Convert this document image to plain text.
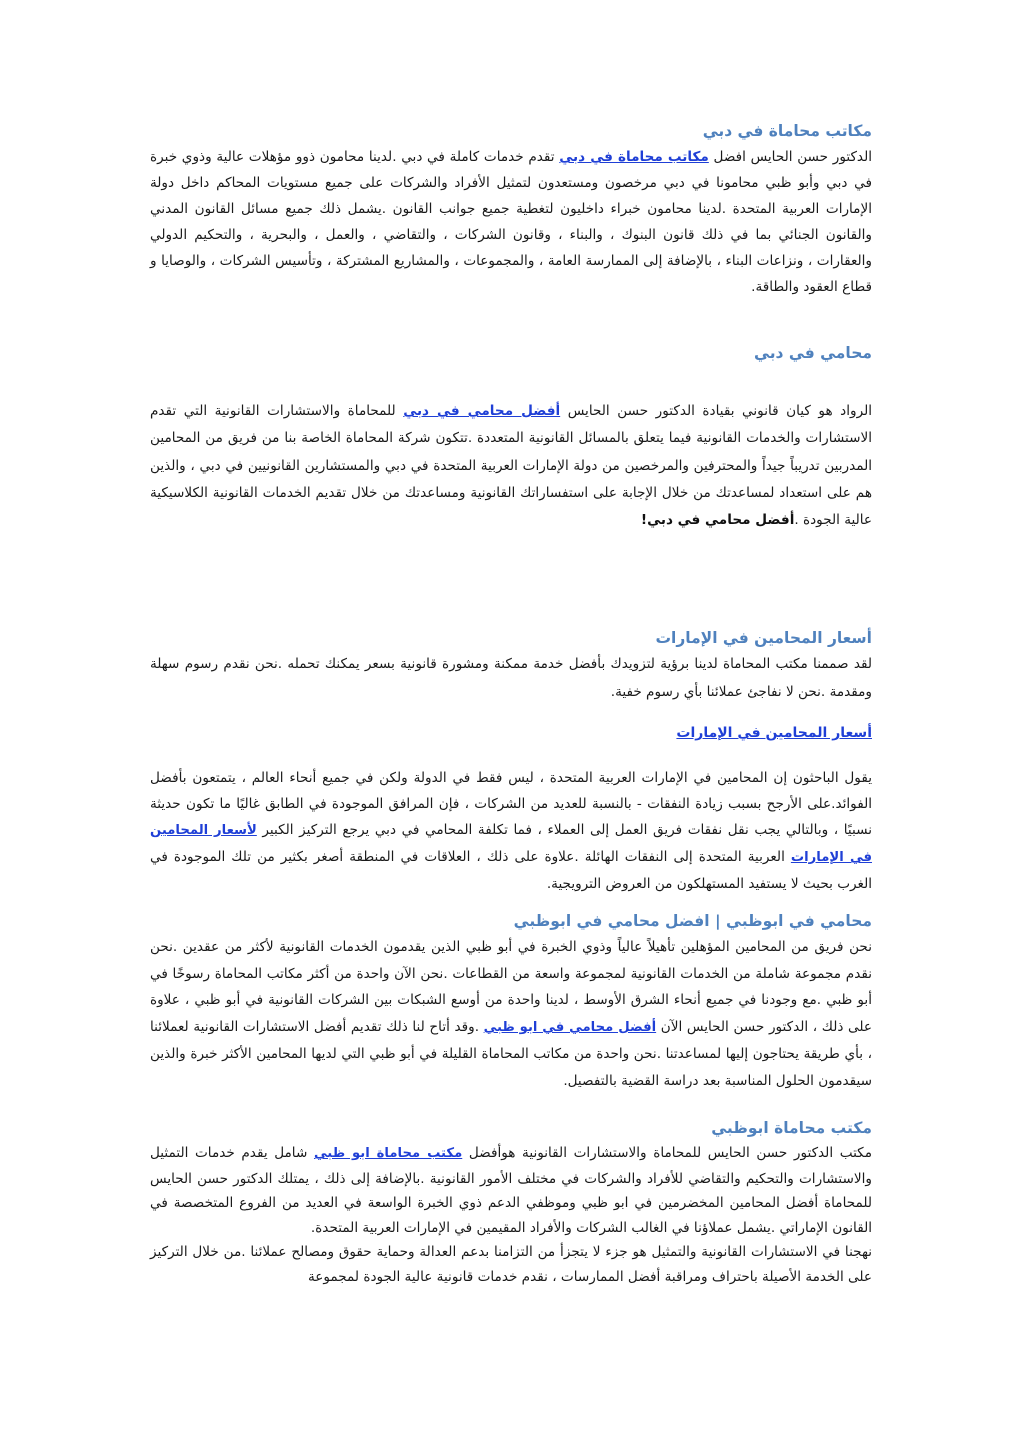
مكاتب محاماة في دبي

الدكتور حسن الحايس افضل مكاتب محاماة في دبي تقدم خدمات كاملة في دبي .لدينا محامون ذوو مؤهلات عالية وذوي خبرة في دبي وأبو ظبي محامونا في دبي مرخصون ومستعدون لتمثيل الأفراد والشركات على جميع مستويات المحاكم داخل دولة الإمارات العربية المتحدة .لدينا محامون خبراء داخليون لتغطية جميع جوانب القانون .يشمل ذلك جميع مسائل القانون المدني والقانون الجنائي بما في ذلك قانون البنوك ، والبناء ، وقانون الشركات ، والتقاضي ، والعمل ، والبحرية ، والتحكيم الدولي والعقارات ، ونزاعات البناء ، بالإضافة إلى الممارسة العامة ، والمجموعات ، والمشاريع المشتركة ، وتأسيس الشركات ، والوصايا و قطاع العقود والطاقة.

محامي في دبي

الرواد هو كيان قانوني بقيادة الدكتور حسن الحايس أفضل محامي في دبي للمحاماة والاستشارات القانونية التي تقدم الاستشارات والخدمات القانونية فيما يتعلق بالمسائل القانونية المتعددة .تتكون شركة المحاماة الخاصة بنا من فريق من المحامين المدربين تدريباً جيداً والمحترفين والمرخصين من دولة الإمارات العربية المتحدة في دبي والمستشارين القانونيين في دبي ، والذين هم على استعداد لمساعدتك من خلال الإجابة على استفساراتك القانونية ومساعدتك من خلال تقديم الخدمات القانونية الكلاسيكية عالية الجودة .أفضل محامي في دبي!

أسعار المحامين في الإمارات

لقد صممنا مكتب المحاماة لدينا برؤية لتزويدك بأفضل خدمة ممكنة ومشورة قانونية بسعر يمكنك تحمله .نحن نقدم رسوم سهلة ومقدمة .نحن لا نفاجئ عملائنا بأي رسوم خفية.

أسعار المحامين في الإمارات

يقول الباحثون إن المحامين في الإمارات العربية المتحدة ، ليس فقط في الدولة ولكن في جميع أنحاء العالم ، يتمتعون بأفضل الفوائد.على الأرجح بسبب زيادة النفقات - بالنسبة للعديد من الشركات ، فإن المرافق الموجودة في الطابق غاليًا ما تكون حديثة نسبيًا ، وبالتالي يجب نقل نفقات فريق العمل إلى العملاء ، فما تكلفة المحامي في دبي يرجع التركيز الكبير لأسعار المحامين في الإمارات العربية المتحدة إلى النفقات الهائلة .علاوة على ذلك ، العلاقات في المنطقة أصغر بكثير من تلك الموجودة في الغرب بحيث لا يستفيد المستهلكون من العروض الترويجية.

محامي في ابوظبي | افضل محامي في ابوظبي

نحن فريق من المحامين المؤهلين تأهيلاً عالياً وذوي الخبرة في أبو ظبي الذين يقدمون الخدمات القانونية لأكثر من عقدين .نحن نقدم مجموعة شاملة من الخدمات القانونية لمجموعة واسعة من القطاعات .نحن الآن واحدة من أكثر مكاتب المحاماة رسوخًا في أبو ظبي .مع وجودنا في جميع أنحاء الشرق الأوسط ، لدينا واحدة من أوسع الشبكات بين الشركات القانونية في أبو ظبي ، علاوة على ذلك ، الدكتور حسن الحايس الآن أفضل محامي في ابو ظبي .وقد أتاح لنا ذلك تقديم أفضل الاستشارات القانونية لعملائنا ، بأي طريقة يحتاجون إليها لمساعدتنا .نحن واحدة من مكاتب المحاماة القليلة في أبو ظبي التي لديها المحامين الأكثر خبرة والذين سيقدمون الحلول المناسبة بعد دراسة القضية بالتفصيل.

مكتب محاماة ابوظبي

مكتب الدكتور حسن الحايس للمحاماة والاستشارات القانونية هوأفضل مكتب محاماة ابو ظبي شامل يقدم خدمات التمثيل والاستشارات والتحكيم والتقاضي للأفراد والشركات في مختلف الأمور القانونية .بالإضافة إلى ذلك ، يمتلك الدكتور حسن الحايس للمحاماة أفضل المحامين المخضرمين في ابو ظبي وموظفي الدعم ذوي الخبرة الواسعة في العديد من الفروع المتخصصة في القانون الإماراتي .يشمل عملاؤنا في الغالب الشركات والأفراد المقيمين في الإمارات العربية المتحدة.

نهجنا في الاستشارات القانونية والتمثيل هو جزء لا يتجزأ من التزامنا بدعم العدالة وحماية حقوق ومصالح عملائنا .من خلال التركيز على الخدمة الأصيلة باحتراف ومراقبة أفضل الممارسات ، نقدم خدمات قانونية عالية الجودة لمجموعة
